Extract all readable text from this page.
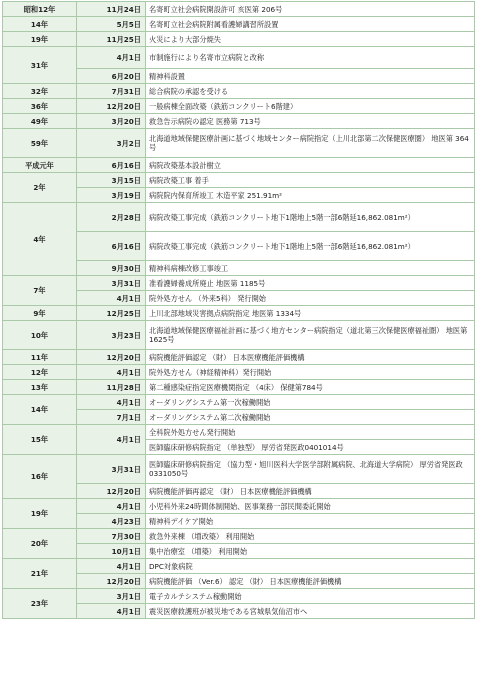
昭和12年	11月24日	名寄町立社会病院開設許可 亥医第 206号
14年	5月5日	名寄町立社会病院附属看護婦講習所設置
19年	11月25日	火災により大部分焼失
31年	4月1日	市制施行により名寄市立病院と改称
	6月20日	精神科設置
32年	7月31日	総合病院の承認を受ける
36年	12月20日	一般病棟全面改築（鉄筋コンクリート6階建）
49年	3月20日	救急告示病院の認定 医務第 713号
59年	3月2日	北海道地域保健医療計画に基づく地域センター病院指定（上川北部第二次保健医療圏） 地医第 364号
平成元年	6月16日	病院改築基本設計樹立
2年	3月15日	病院改築工事 着手
	3月19日	病院院内保育所竣工 木造平家 251.91m²
4年	2月28日	病院改築工事完成（鉄筋コンクリート地下1階地上5階一部6階延16,862.081m²）
	6月16日	病院改築工事完成（鉄筋コンクリート地下1階地上5階一部6階延16,862.081m²）
	9月30日	精神科病棟改修工事竣工
7年	3月31日	准看護婦養成所廃止 地医第 1185号
	4月1日	院外処方せん （外来5科） 発行開始
9年	12月25日	上川北部地域災害拠点病院指定 地医第 1334号
10年	3月23日	北海道地域保健医療福祉計画に基づく地方センター病院指定（道北第三次保健医療福祉圏） 地医第 1625号
11年	12月20日	病院機能評価認定 （財） 日本医療機能評価機構
12年	4月1日	院外処方せん（神経精神科）発行開始
13年	11月28日	第二種感染症指定医療機関指定 （4床） 保健第784号
14年	4月1日	オーダリングシステム第一次稼働開始
	7月1日	オーダリングシステム第二次稼働開始
15年	4月1日	全科院外処方せん発行開始
		医師臨床研修病院指定 （単独型） 厚労省発医政0401014号
16年	3月31日	医師臨床研修病院指定 （協力型・旭川医科大学医学部附属病院、北海道大学病院） 厚労省発医政0331050号
	12月20日	病院機能評価再認定 （財） 日本医療機能評価機構
19年	4月1日	小児科外来24時間体制開始、医事業務一部民間委託開始
	4月23日	精神科デイケア開始
20年	7月30日	救急外来棟 （増改築） 利用開始
	10月1日	集中治療室 （増築） 利用開始
21年	4月1日	DPC対象病院
	12月20日	病院機能評価 （Ver.6） 認定 （財） 日本医療機能評価機構
23年	3月1日	電子カルテシステム稼動開始
	4月1日	震災医療救護班が被災地である宮城県気仙沼市へ
